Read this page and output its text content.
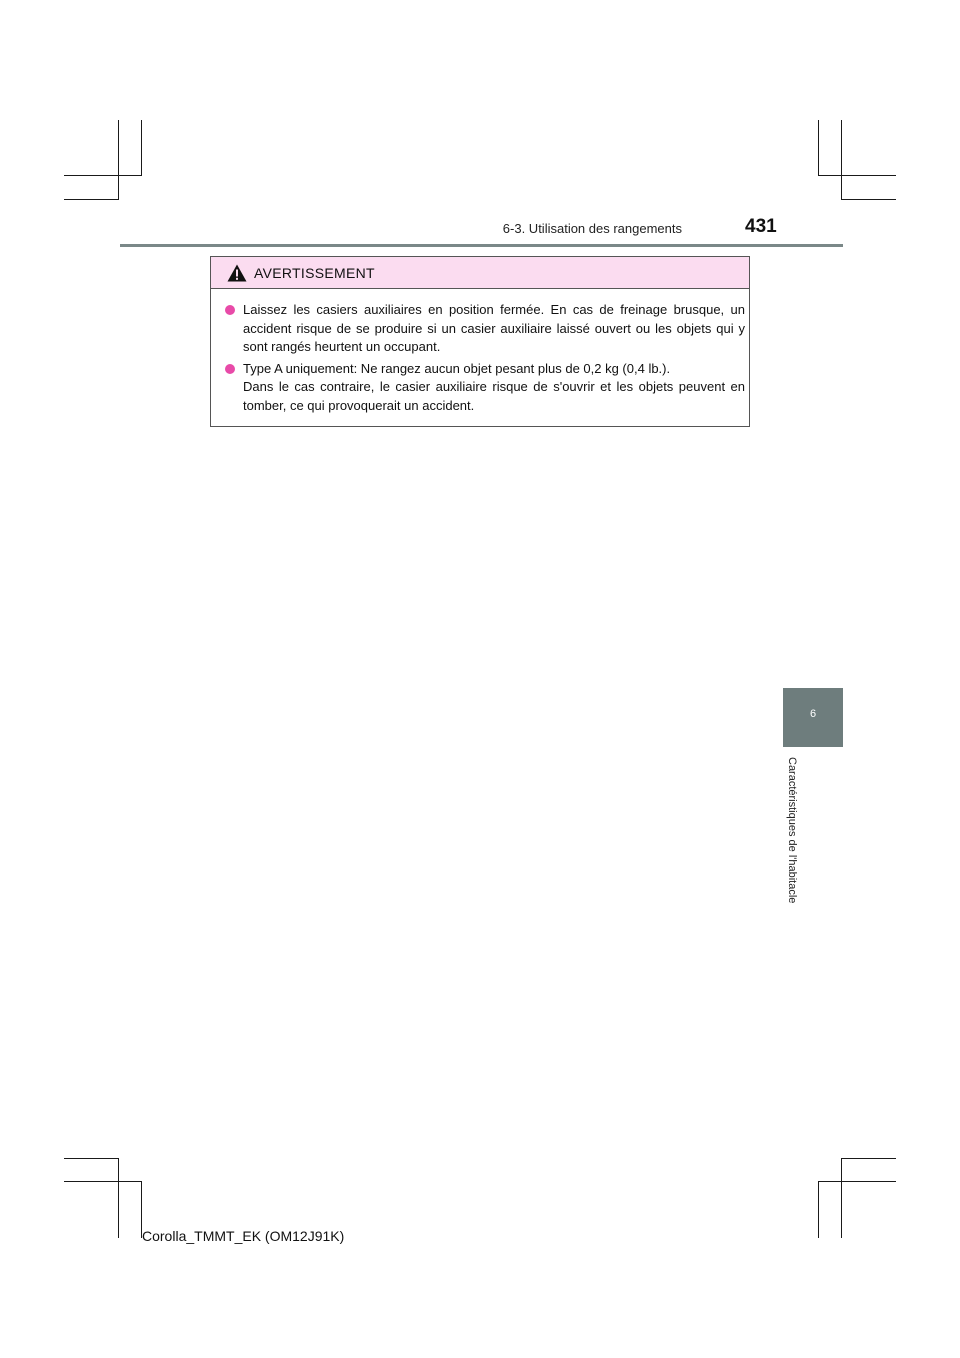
6-3. Utilisation des rangements	431
AVERTISSEMENT
Laissez les casiers auxiliaires en position fermée. En cas de freinage brusque, un accident risque de se produire si un casier auxiliaire laissé ouvert ou les objets qui y sont rangés heurtent un occupant.
Type A uniquement: Ne rangez aucun objet pesant plus de 0,2 kg (0,4 lb.).
Dans le cas contraire, le casier auxiliaire risque de s'ouvrir et les objets peuvent en tomber, ce qui provoquerait un accident.
6
Caractéristiques de l'habitacle
Corolla_TMMT_EK (OM12J91K)
